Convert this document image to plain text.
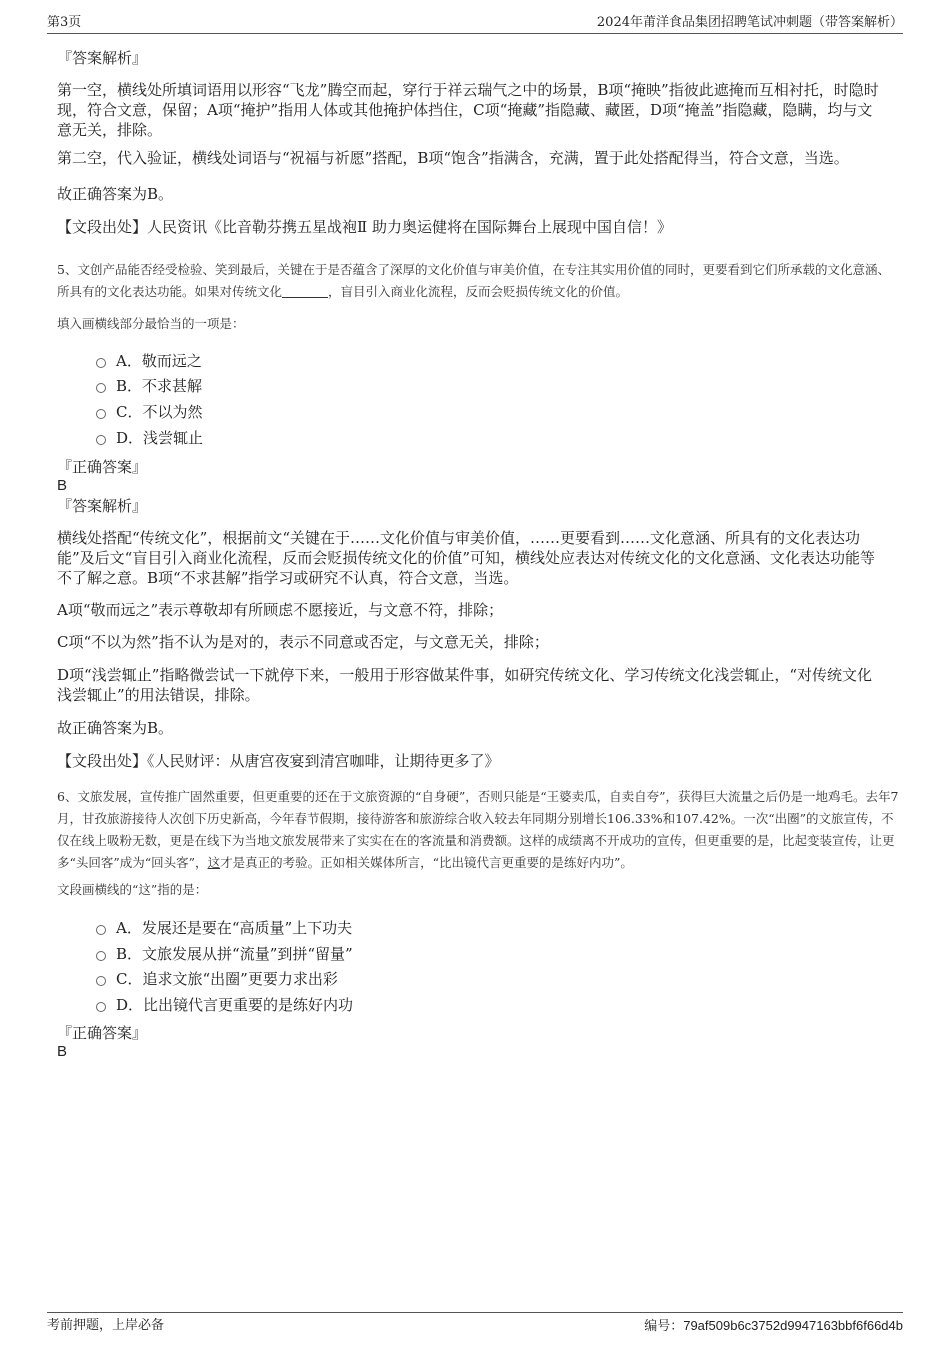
第3页	2024年莆洋食品集团招聘笔试冲刺题（带答案解析）

『答案解析』

第一空，横线处所填词语用以形容“飞龙”腾空而起，穿行于祥云瑞气之中的场景，B项“掩映”指彼此遮掩而互相衬托，时隐时现，符合文意，保留；A项“掩护”指用人体或其他掩护体挡住，C项“掩藏”指隐藏、藏匿，D项“掩盖”指隐藏，隐瞒，均与文意无关，排除。

第二空，代入验证，横线处词语与“祝福与祈愿”搭配，B项“饱含”指满含，充满，置于此处搭配得当，符合文意，当选。

故正确答案为B。

【文段出处】人民资讯《比音勒芬携五星战袍Ⅱ 助力奥运健将在国际舞台上展现中国自信！》

5、文创产品能否经受检验、笑到最后，关键在于是否蕴含了深厚的文化价值与审美价值，在专注其实用价值的同时，更要看到它们所承载的文化意涵、所具有的文化表达功能。如果对传统文化	，盲目引入商业化流程，反而会贬损传统文化的价值。

填入画横线部分最恰当的一项是：

A．敬而远之
B．不求甚解
C．不以为然
D．浅尝辄止

『正确答案』

B

『答案解析』

横线处搭配“传统文化”，根据前文“关键在于……文化价值与审美价值，……更要看到……文化意涵、所具有的文化表达功能”及后文“盲目引入商业化流程，反而会贬损传统文化的价值”可知，横线处应表达对传统文化的文化意涵、文化表达功能等不了解之意。B项“不求甚解”指学习或研究不认真，符合文意，当选。

A项“敬而远之”表示尊敬却有所顾虑不愿接近，与文意不符，排除；

C项“不以为然”指不认为是对的，表示不同意或否定，与文意无关，排除；

D项“浅尝辄止”指略微尝试一下就停下来，一般用于形容做某件事，如研究传统文化、学习传统文化浅尝辄止，“对传统文化浅尝辄止”的用法错误，排除。

故正确答案为B。

【文段出处】《人民财评：从唐宫夜宴到清宫咖啡，让期待更多了》

6、文旅发展，宣传推广固然重要，但更重要的还在于文旅资源的“自身硬”，否则只能是“王婆卖瓜，自卖自夸”，获得巨大流量之后仍是一地鸡毛。去年7月，甘孜旅游接待人次创下历史新高，今年春节假期，接待游客和旅游综合收入较去年同期分别增长106.33%和107.42%。一次“出圈”的文旅宣传，不仅在线上吸粉无数，更是在线下为当地文旅发展带来了实实在在的客流量和消费额。这样的成绩离不开成功的宣传，但更重要的是，比起变装宣传，让更多“头回客”成为“回头客”，这才是真正的考验。正如相关媒体所言，“比出镜代言更重要的是练好内功”。

文段画横线的“这”指的是：

A．发展还是要在“高质量”上下功夫
B．文旅发展从拼“流量”到拼“留量”
C．追求文旅“出圈”更要力求出彩
D．比出镜代言更重要的是练好内功

『正确答案』

B

考前押题，上岸必备	编号：79af509b6c3752d9947163bbf6f66d4b
